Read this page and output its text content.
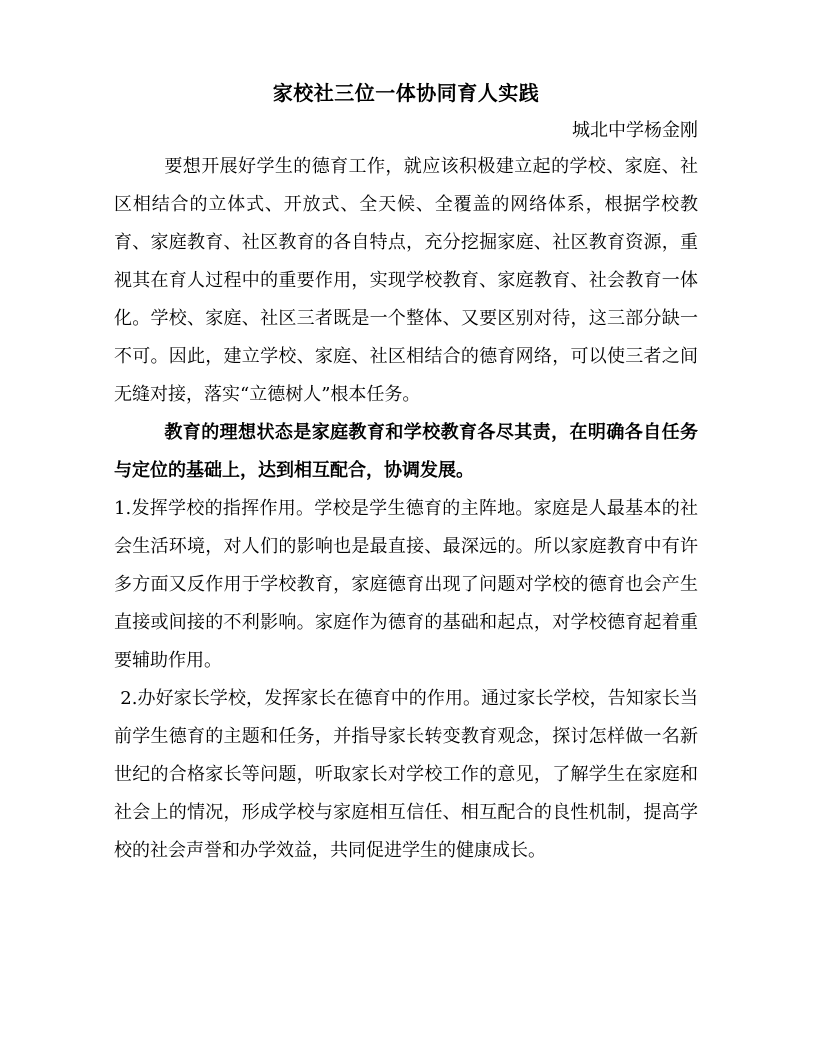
家校社三位一体协同育人实践

城北中学杨金刚

要想开展好学生的德育工作，就应该积极建立起的学校、家庭、社区相结合的立体式、开放式、全天候、全覆盖的网络体系，根据学校教育、家庭教育、社区教育的各自特点，充分挖掘家庭、社区教育资源，重视其在育人过程中的重要作用，实现学校教育、家庭教育、社会教育一体化。学校、家庭、社区三者既是一个整体、又要区别对待，这三部分缺一不可。因此，建立学校、家庭、社区相结合的德育网络，可以使三者之间无缝对接，落实“立德树人”根本任务。

教育的理想状态是家庭教育和学校教育各尽其责，在明确各自任务与定位的基础上，达到相互配合，协调发展。

1.发挥学校的指挥作用。学校是学生德育的主阵地。家庭是人最基本的社会生活环境，对人们的影响也是最直接、最深远的。所以家庭教育中有许多方面又反作用于学校教育，家庭德育出现了问题对学校的德育也会产生直接或间接的不利影响。家庭作为德育的基础和起点，对学校德育起着重要辅助作用。

2.办好家长学校，发挥家长在德育中的作用。通过家长学校，告知家长当前学生德育的主题和任务，并指导家长转变教育观念，探讨怎样做一名新世纪的合格家长等问题，听取家长对学校工作的意见，了解学生在家庭和社会上的情况，形成学校与家庭相互信任、相互配合的良性机制，提高学校的社会声誉和办学效益，共同促进学生的健康成长。
